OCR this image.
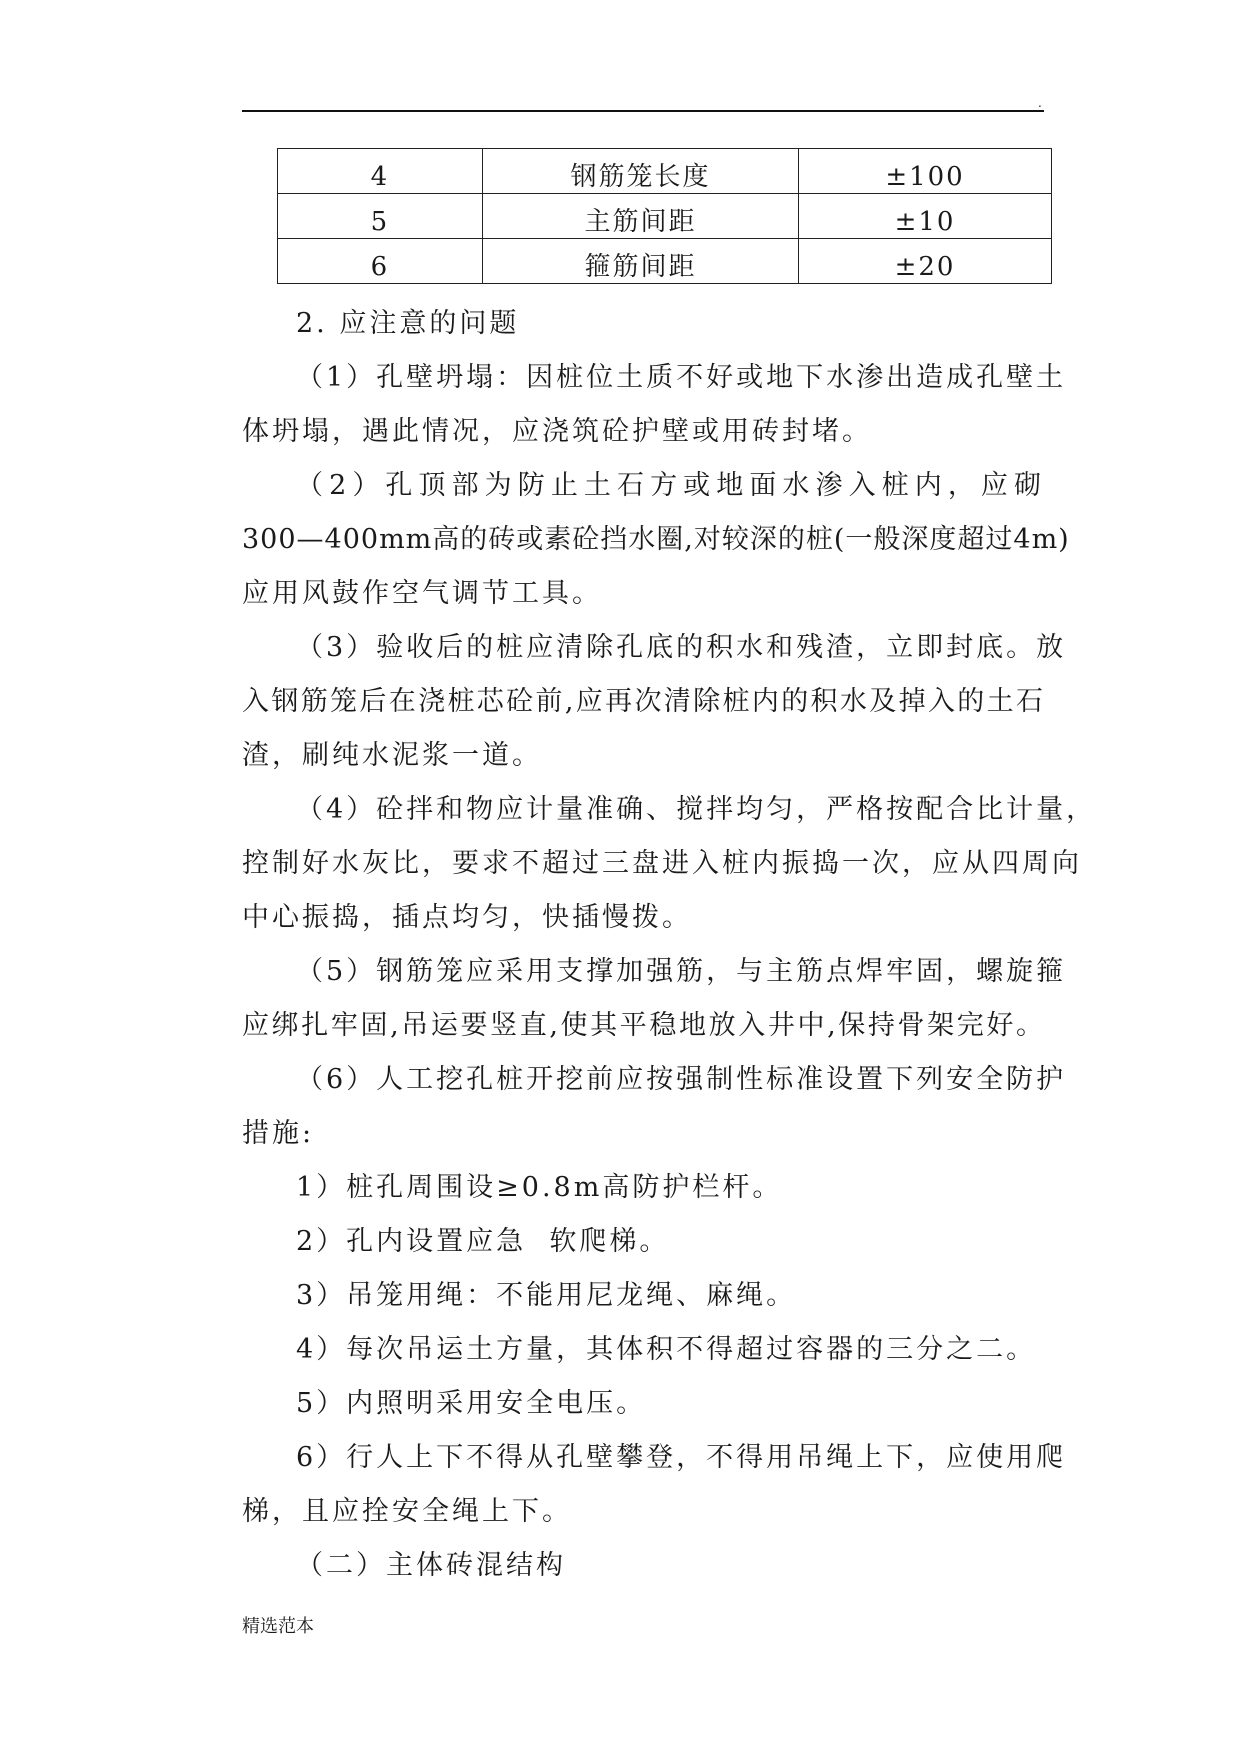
.
4	钢筋笼长度	±100
5	主筋间距	±10
6	箍筋间距	±20

2. 应注意的问题

（1）孔壁坍塌：因桩位土质不好或地下水渗出造成孔壁土
体坍塌，遇此情况，应浇筑砼护壁或用砖封堵。

（2）孔顶部为防止土石方或地面水渗入桩内，应砌
300—400mm高的砖或素砼挡水圈,对较深的桩(一般深度超过4m)
应用风鼓作空气调节工具。

（3）验收后的桩应清除孔底的积水和残渣，立即封底。放
入钢筋笼后在浇桩芯砼前,应再次清除桩内的积水及掉入的土石
渣，刷纯水泥浆一道。

（4）砼拌和物应计量准确、搅拌均匀，严格按配合比计量，
控制好水灰比，要求不超过三盘进入桩内振捣一次，应从四周向
中心振捣，插点均匀，快插慢拨。

（5）钢筋笼应采用支撑加强筋，与主筋点焊牢固，螺旋箍
应绑扎牢固,吊运要竖直,使其平稳地放入井中,保持骨架完好。

（6）人工挖孔桩开挖前应按强制性标准设置下列安全防护
措施:

1）桩孔周围设≥0.8m高防护栏杆。

2）孔内设置应急  软爬梯。

3）吊笼用绳：不能用尼龙绳、麻绳。

4）每次吊运土方量，其体积不得超过容器的三分之二。

5）内照明采用安全电压。

6）行人上下不得从孔壁攀登，不得用吊绳上下，应使用爬
梯，且应拴安全绳上下。

（二）主体砖混结构

精选范本
